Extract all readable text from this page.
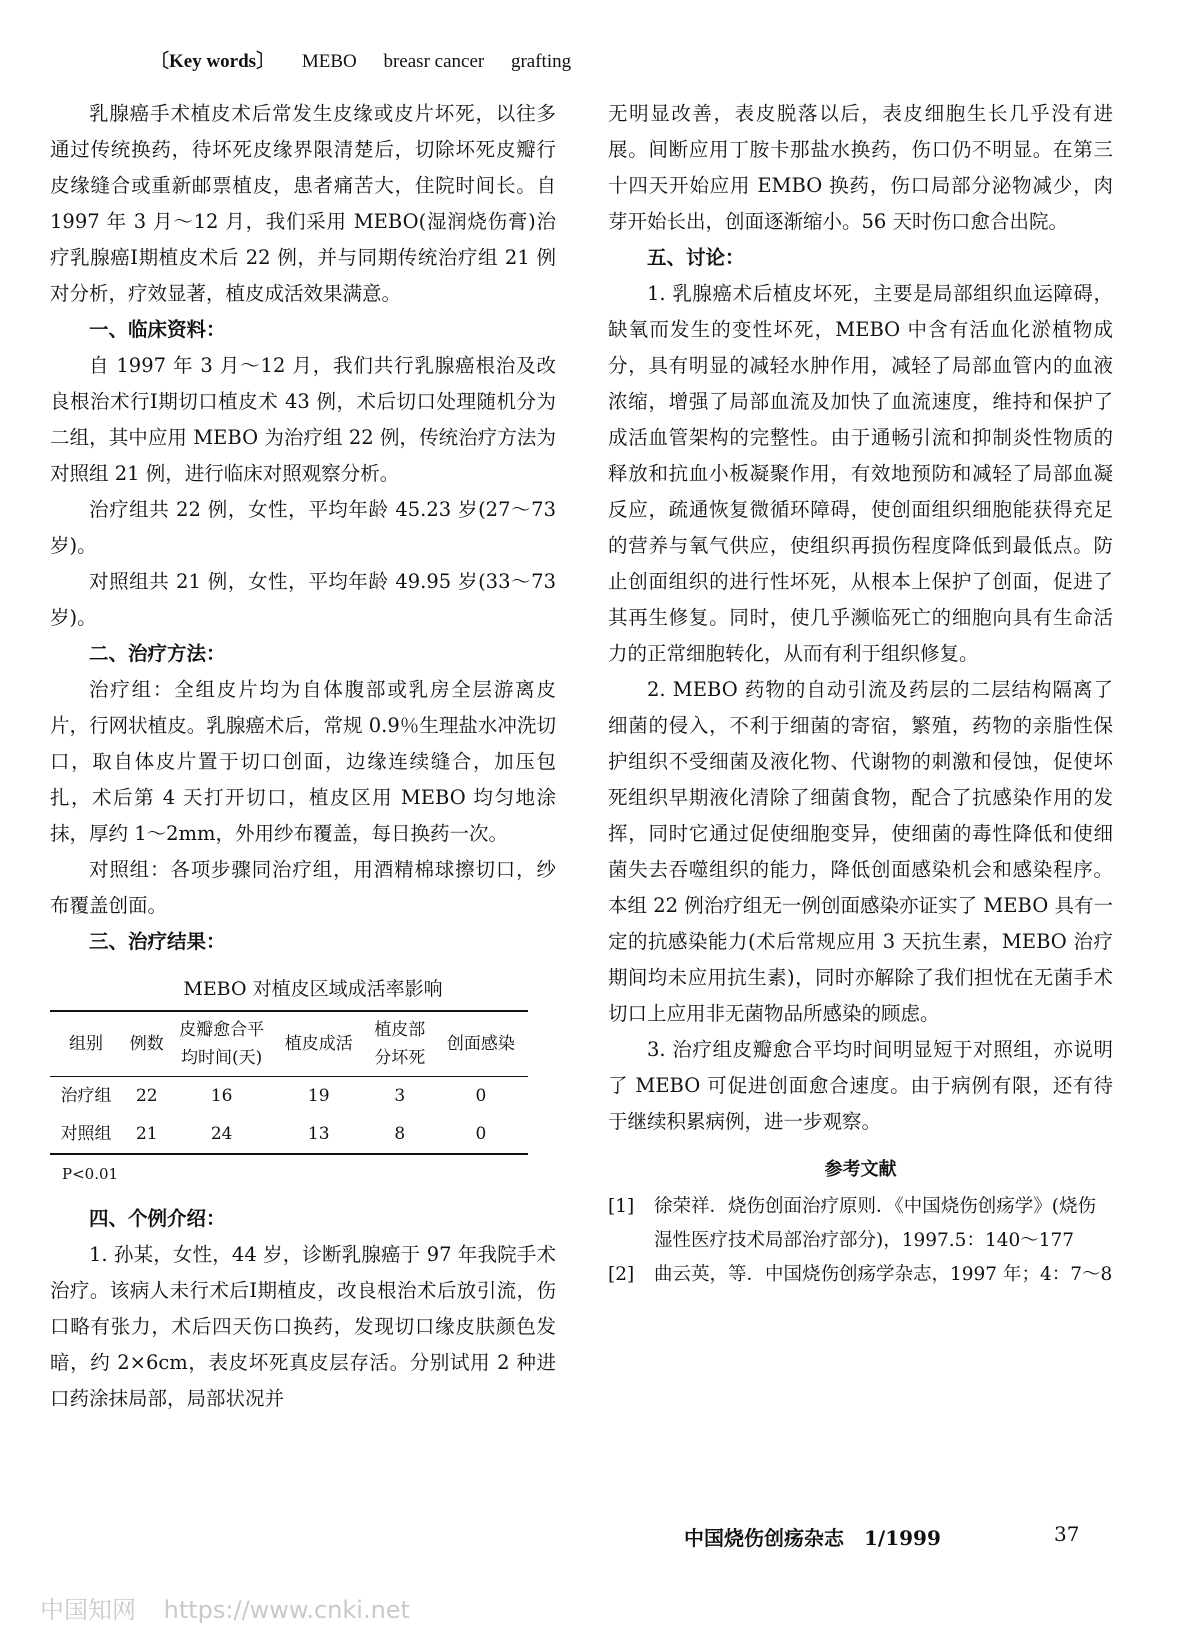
〔Key words〕 MEBO breasr cancer grafting

乳腺癌手术植皮术后常发生皮缘或皮片坏死，以往多通过传统换药，待坏死皮缘界限清楚后，切除坏死皮瓣行皮缘缝合或重新邮票植皮，患者痛苦大，住院时间长。自 1997 年 3 月～12 月，我们采用 MEBO(湿润烧伤膏)治疗乳腺癌Ⅰ期植皮术后 22 例，并与同期传统治疗组 21 例对分析，疗效显著，植皮成活效果满意。

一、临床资料：

自 1997 年 3 月～12 月，我们共行乳腺癌根治及改良根治术行Ⅰ期切口植皮术 43 例，术后切口处理随机分为二组，其中应用 MEBO 为治疗组 22 例，传统治疗方法为对照组 21 例，进行临床对照观察分析。

治疗组共 22 例，女性，平均年龄 45.23 岁(27～73 岁)。

对照组共 21 例，女性，平均年龄 49.95 岁(33～73 岁)。

二、治疗方法：

治疗组：全组皮片均为自体腹部或乳房全层游离皮片，行网状植皮。乳腺癌术后，常规 0.9％生理盐水冲洗切口，取自体皮片置于切口创面，边缘连续缝合，加压包扎，术后第 4 天打开切口，植皮区用 MEBO 均匀地涂抹，厚约 1～2mm，外用纱布覆盖，每日换药一次。

对照组：各项步骤同治疗组，用酒精棉球擦切口，纱布覆盖创面。

三、治疗结果：
MEBO 对植皮区域成活率影响
组别	例数	皮瓣愈合平均时间(天)	植皮成活	植皮部分坏死	创面感染
治疗组	22	16	19	3	0
对照组	21	24	13	8	0
P<0.01
四、个例介绍：

1. 孙某，女性，44 岁，诊断乳腺癌于 97 年我院手术治疗。该病人未行术后Ⅰ期植皮，改良根治术后放引流，伤口略有张力，术后四天伤口换药，发现切口缘皮肤颜色发暗，约 2×6cm，表皮坏死真皮层存活。分别试用 2 种进口药涂抹局部，局部状况并

无明显改善，表皮脱落以后，表皮细胞生长几乎没有进展。间断应用丁胺卡那盐水换药，伤口仍不明显。在第三十四天开始应用 EMBO 换药，伤口局部分泌物减少，肉芽开始长出，创面逐渐缩小。56 天时伤口愈合出院。

五、讨论：

1. 乳腺癌术后植皮坏死，主要是局部组织血运障碍，缺氧而发生的变性坏死，MEBO 中含有活血化淤植物成分，具有明显的减轻水肿作用，减轻了局部血管内的血液浓缩，增强了局部血流及加快了血流速度，维持和保护了成活血管架构的完整性。由于通畅引流和抑制炎性物质的释放和抗血小板凝聚作用，有效地预防和减轻了局部血凝反应，疏通恢复微循环障碍，使创面组织细胞能获得充足的营养与氧气供应，使组织再损伤程度降低到最低点。防止创面组织的进行性坏死，从根本上保护了创面，促进了其再生修复。同时，使几乎濒临死亡的细胞向具有生命活力的正常细胞转化，从而有利于组织修复。

2. MEBO 药物的自动引流及药层的二层结构隔离了细菌的侵入，不利于细菌的寄宿，繁殖，药物的亲脂性保护组织不受细菌及液化物、代谢物的刺激和侵蚀，促使坏死组织早期液化清除了细菌食物，配合了抗感染作用的发挥，同时它通过促使细胞变异，使细菌的毒性降低和使细菌失去吞噬组织的能力，降低创面感染机会和感染程序。本组 22 例治疗组无一例创面感染亦证实了 MEBO 具有一定的抗感染能力(术后常规应用 3 天抗生素，MEBO 治疗期间均未应用抗生素)，同时亦解除了我们担忧在无菌手术切口上应用非无菌物品所感染的顾虑。

3. 治疗组皮瓣愈合平均时间明显短于对照组，亦说明了 MEBO 可促进创面愈合速度。由于病例有限，还有待于继续积累病例，进一步观察。

参考文献
[1]	徐荣祥．烧伤创面治疗原则．《中国烧伤创疡学》(烧伤湿性医疗技术局部治疗部分)，1997.5：140～177
[2]	曲云英，等．中国烧伤创疡学杂志，1997 年；4：7～8
中国烧伤创疡杂志　1/1999	37
中国知网 https://www.cnki.net
